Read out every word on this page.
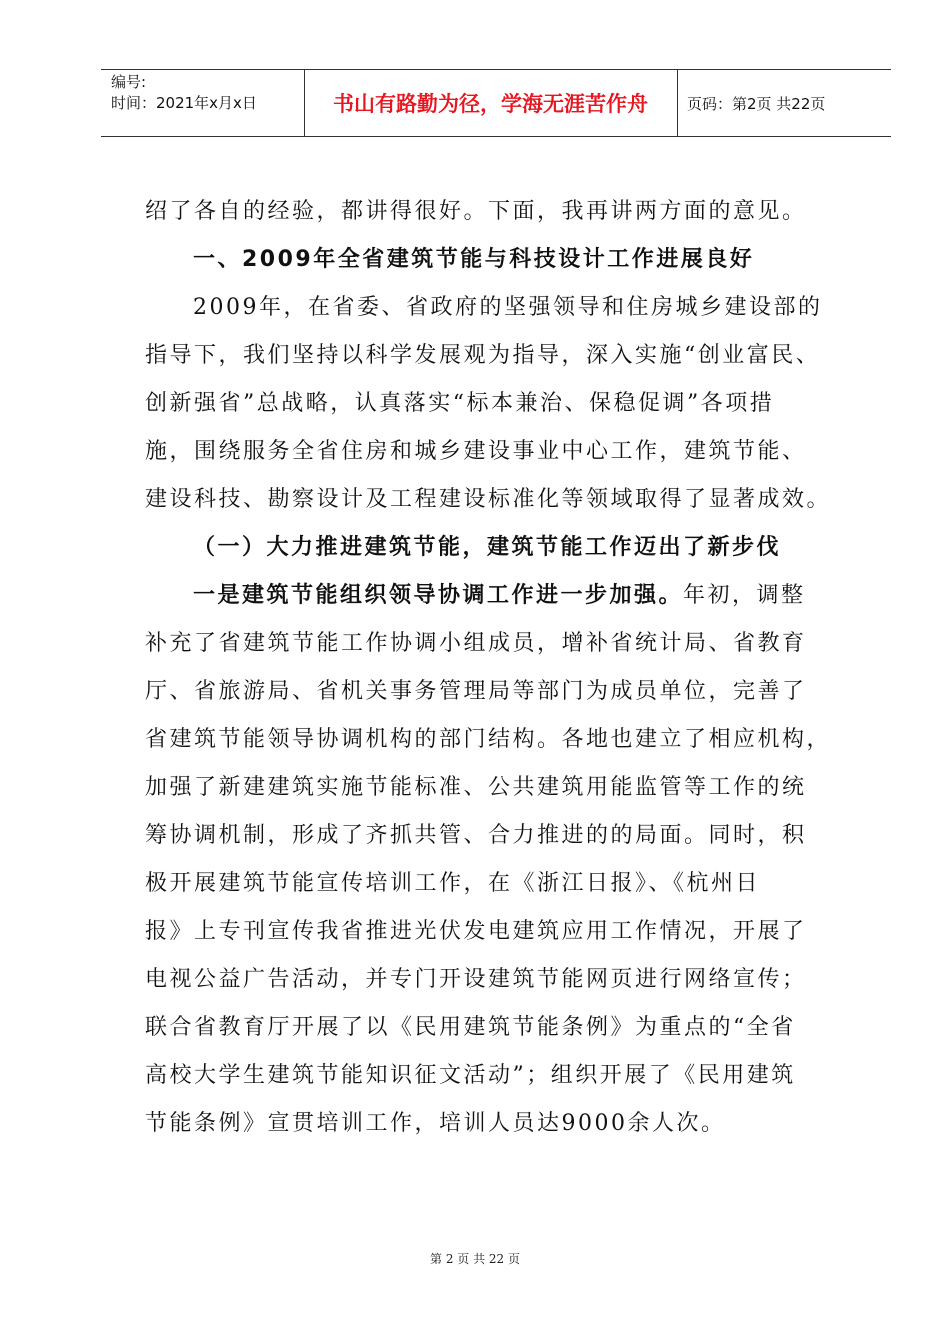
编号:
时间：2021年x月x日	书山有路勤为径，学海无涯苦作舟	页码：第2页 共22页
绍了各自的经验，都讲得很好。下面，我再讲两方面的意见。
一、2009年全省建筑节能与科技设计工作进展良好
2009年，在省委、省政府的坚强领导和住房城乡建设部的
指导下，我们坚持以科学发展观为指导，深入实施“创业富民、
创新强省”总战略，认真落实“标本兼治、保稳促调”各项措
施，围绕服务全省住房和城乡建设事业中心工作，建筑节能、
建设科技、勘察设计及工程建设标准化等领域取得了显著成效。
（一）大力推进建筑节能，建筑节能工作迈出了新步伐
一是建筑节能组织领导协调工作进一步加强。年初，调整
补充了省建筑节能工作协调小组成员，增补省统计局、省教育
厅、省旅游局、省机关事务管理局等部门为成员单位，完善了
省建筑节能领导协调机构的部门结构。各地也建立了相应机构，
加强了新建建筑实施节能标准、公共建筑用能监管等工作的统
筹协调机制，形成了齐抓共管、合力推进的的局面。同时，积
极开展建筑节能宣传培训工作，在《浙江日报》、《杭州日
报》上专刊宣传我省推进光伏发电建筑应用工作情况，开展了
电视公益广告活动，并专门开设建筑节能网页进行网络宣传；
联合省教育厅开展了以《民用建筑节能条例》为重点的“全省
高校大学生建筑节能知识征文活动”；组织开展了《民用建筑
节能条例》宣贯培训工作，培训人员达9000余人次。
第 2 页 共 22 页
